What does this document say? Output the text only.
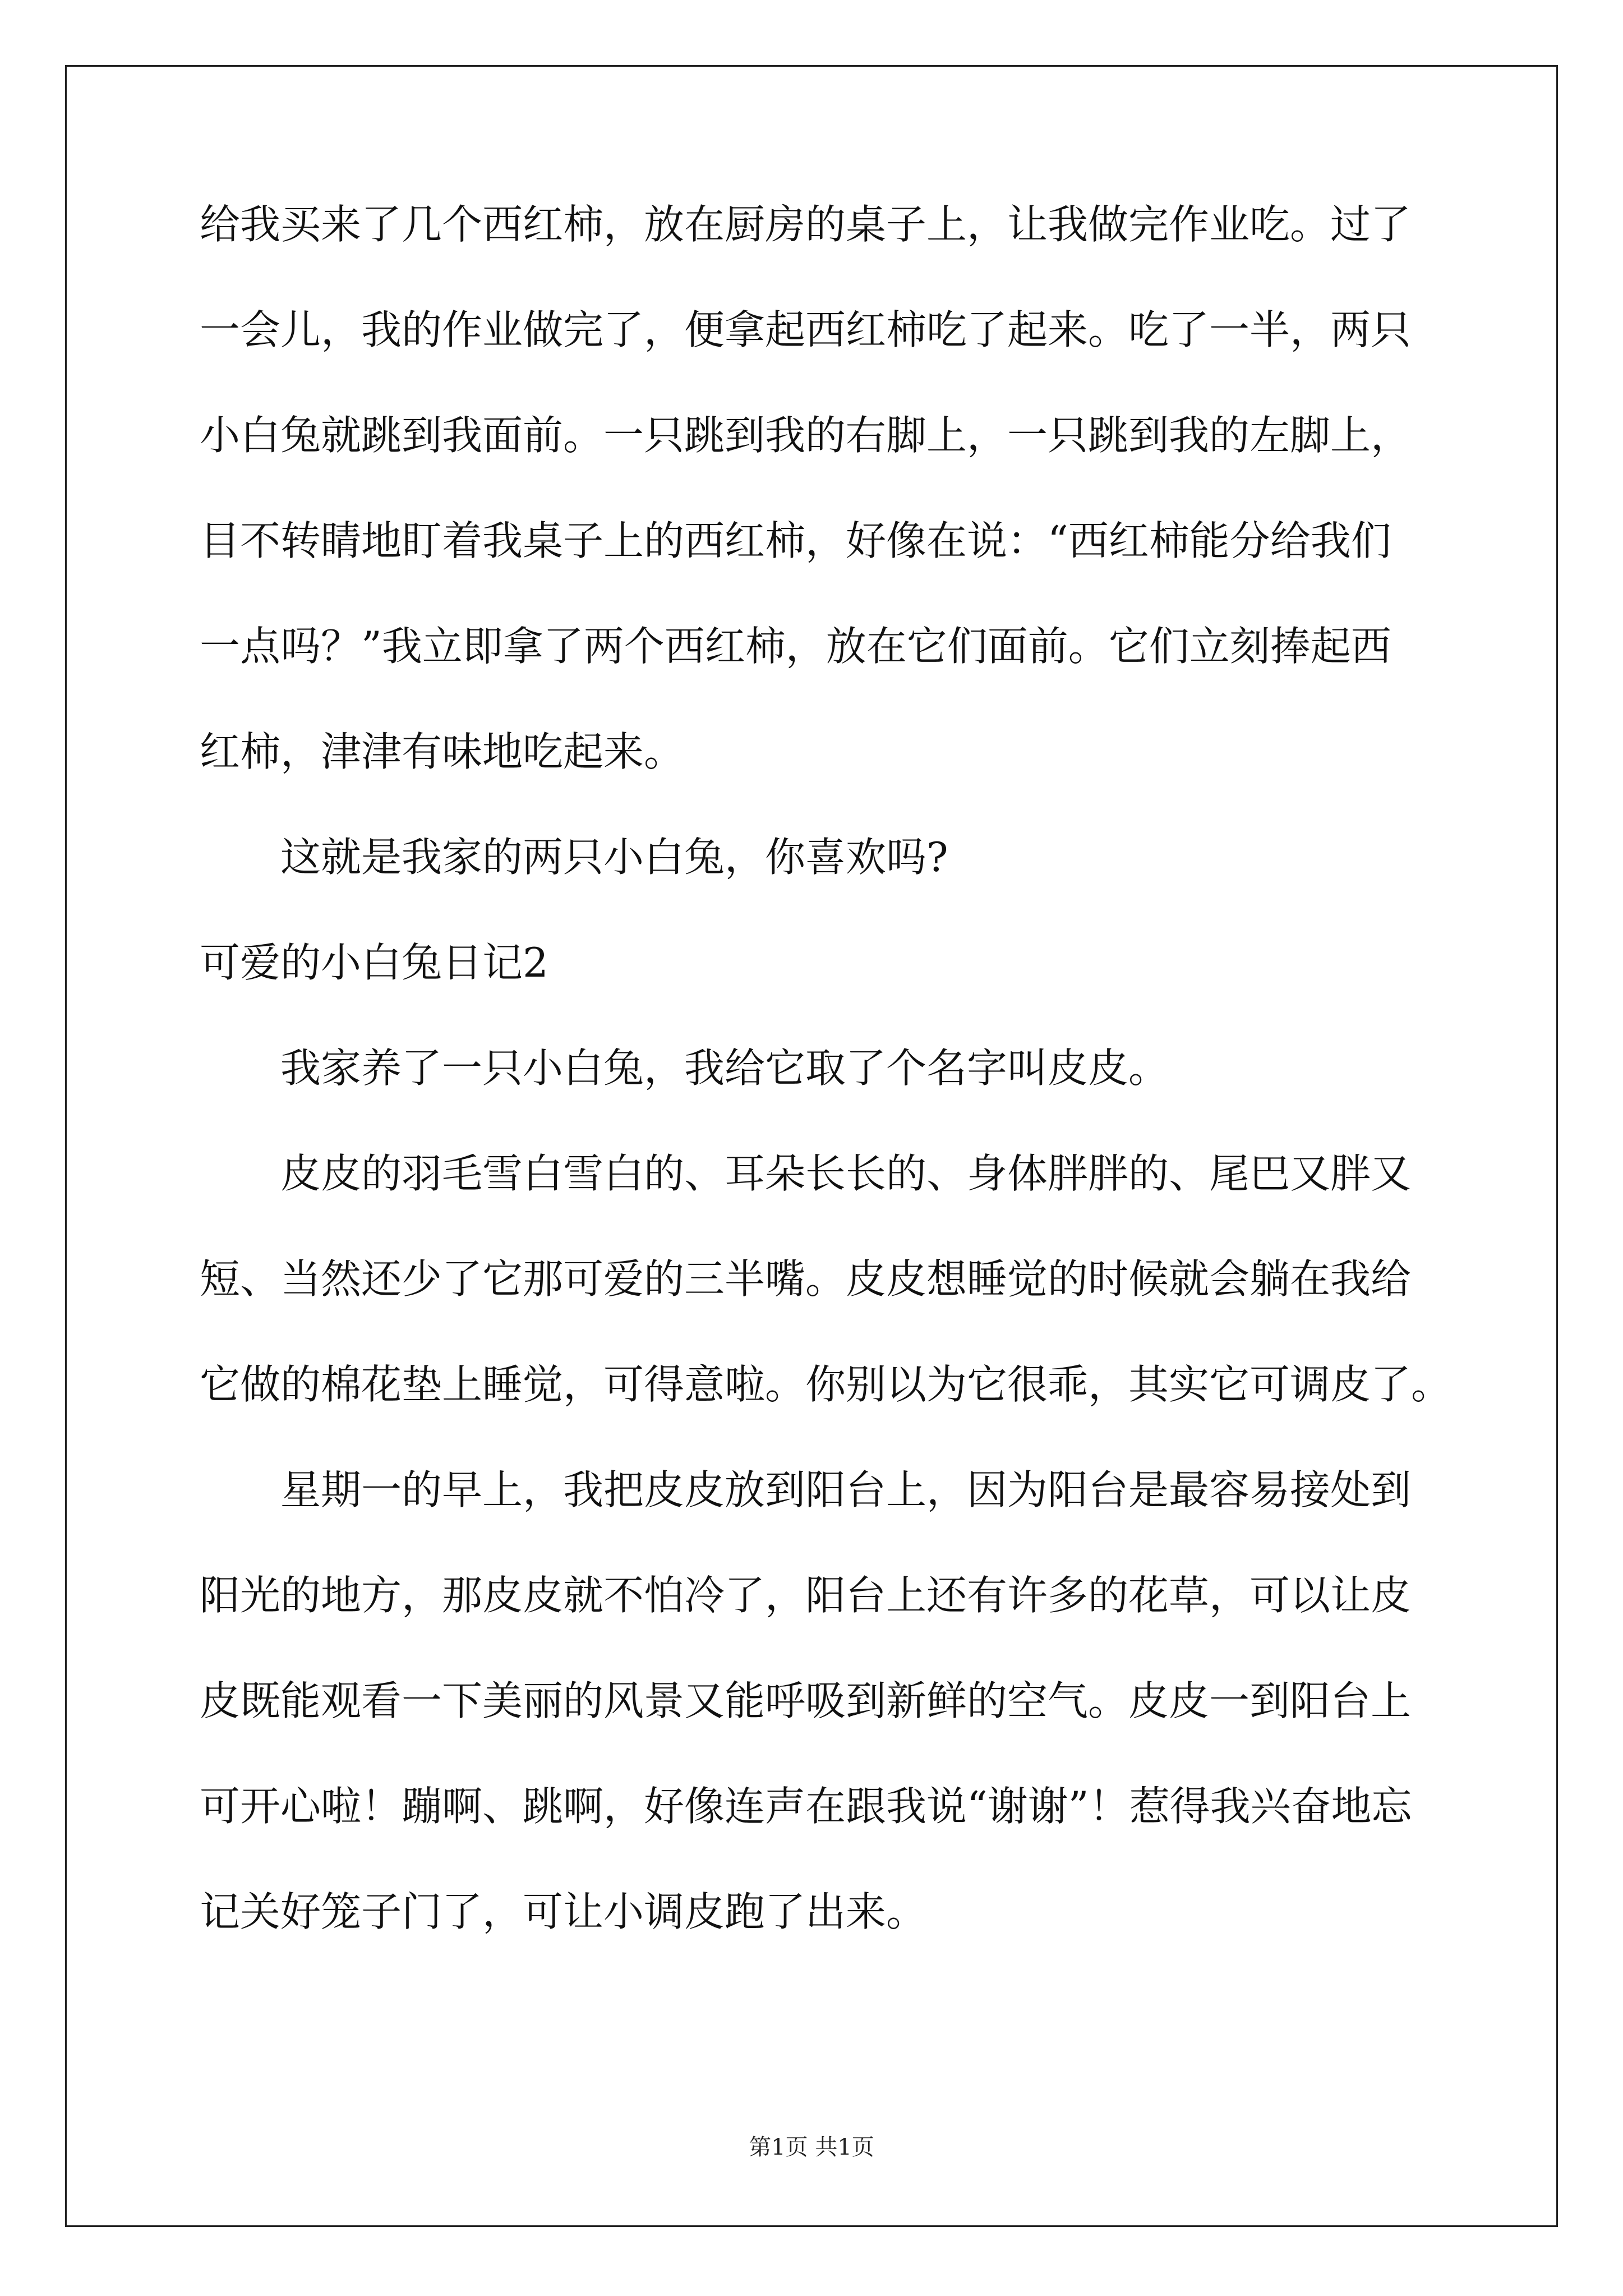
给我买来了几个西红柿，放在厨房的桌子上，让我做完作业吃。过了
一会儿，我的作业做完了，便拿起西红柿吃了起来。吃了一半，两只
小白兔就跳到我面前。一只跳到我的右脚上，一只跳到我的左脚上，
目不转睛地盯着我桌子上的西红柿，好像在说：“西红柿能分给我们
一点吗？”我立即拿了两个西红柿，放在它们面前。它们立刻捧起西
红柿，津津有味地吃起来。
这就是我家的两只小白兔，你喜欢吗?
可爱的小白兔日记2
我家养了一只小白兔，我给它取了个名字叫皮皮。
皮皮的羽毛雪白雪白的、耳朵长长的、身体胖胖的、尾巴又胖又
短、当然还少了它那可爱的三半嘴。皮皮想睡觉的时候就会躺在我给
它做的棉花垫上睡觉，可得意啦。你别以为它很乖，其实它可调皮了。
星期一的早上，我把皮皮放到阳台上，因为阳台是最容易接处到
阳光的地方，那皮皮就不怕冷了，阳台上还有许多的花草，可以让皮
皮既能观看一下美丽的风景又能呼吸到新鲜的空气。皮皮一到阳台上
可开心啦！蹦啊、跳啊，好像连声在跟我说“谢谢”！惹得我兴奋地忘
记关好笼子门了，可让小调皮跑了出来。
第1页 共1页
